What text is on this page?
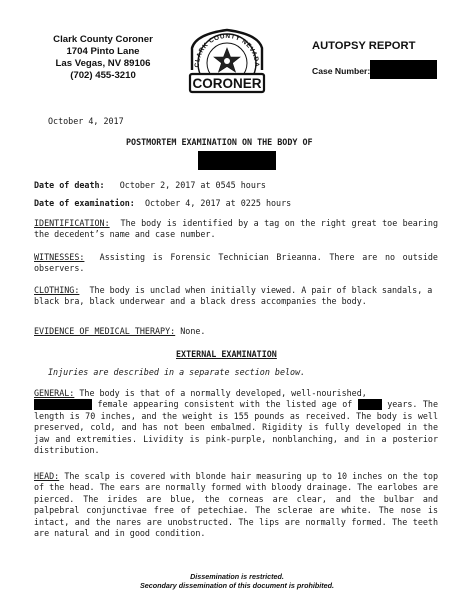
Clark County Coroner
1704 Pinto Lane
Las Vegas, NV 89106
(702) 455-3210
CLARK COUNTY NEVADA
CORONER
AUTOPSY REPORT
Case Number:
October 4, 2017
POSTMORTEM EXAMINATION ON THE BODY OF
Date of death: October 2, 2017 at 0545 hours
Date of examination: October 4, 2017 at 0225 hours
IDENTIFICATION: The body is identified by a tag on the right great toe bearing the decedent’s name and case number.
WITNESSES: Assisting is Forensic Technician Brieanna. There are no outside observers.
CLOTHING: The body is unclad when initially viewed. A pair of black sandals, a black bra, black underwear and a black dress accompanies the body.
EVIDENCE OF MEDICAL THERAPY: None.
EXTERNAL EXAMINATION
Injuries are described in a separate section below.
GENERAL: The body is that of a normally developed, well-nourished,
female appearing consistent with the listed age of	years. The length is 70 inches, and the weight is 155 pounds as received. The body is well preserved, cold, and has not been embalmed. Rigidity is fully developed in the jaw and extremities. Lividity is pink-purple, nonblanching, and in a posterior distribution.
HEAD: The scalp is covered with blonde hair measuring up to 10 inches on the top of the head. The ears are normally formed with bloody drainage. The earlobes are pierced. The irides are blue, the corneas are clear, and the bulbar and palpebral conjunctivae free of petechiae. The sclerae are white. The nose is intact, and the nares are unobstructed. The lips are normally formed. The teeth are natural and in good condition.
Dissemination is restricted.
Secondary dissemination of this document is prohibited.
